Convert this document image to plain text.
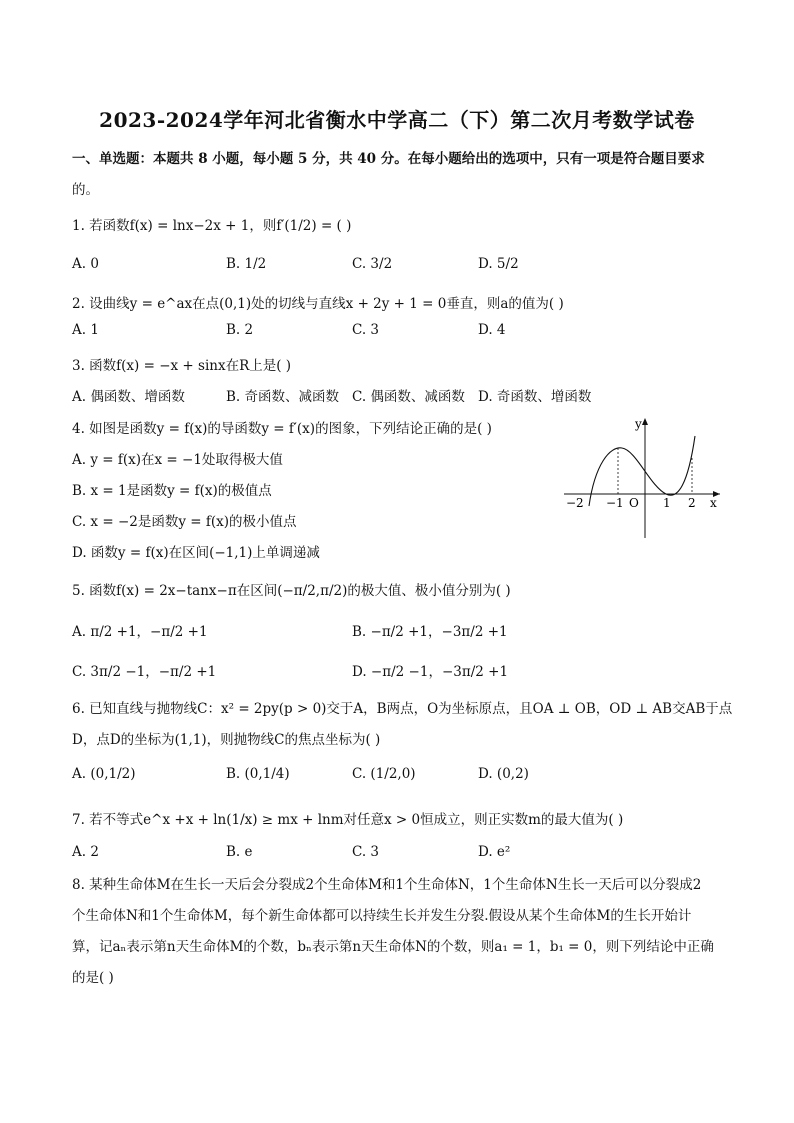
2023-2024学年河北省衡水中学高二（下）第二次月考数学试卷
一、单选题：本题共 8 小题，每小题 5 分，共 40 分。在每小题给出的选项中，只有一项是符合题目要求
的。
1. 若函数f(x) = lnx−2x + 1，则f′(1/2) = ( )
A. 0	B. 1/2	C. 3/2	D. 5/2
2. 设曲线y = e^ax在点(0,1)处的切线与直线x + 2y + 1 = 0垂直，则a的值为( )
A. 1	B. 2	C. 3	D. 4
3. 函数f(x) = −x + sinx在R上是( )
A. 偶函数、增函数	B. 奇函数、减函数 C. 偶函数、减函数 D. 奇函数、增函数
4. 如图是函数y = f(x)的导函数y = f′(x)的图象，下列结论正确的是( )
A. y = f(x)在x = −1处取得极大值
B. x = 1是函数y = f(x)的极值点
C. x = −2是函数y = f(x)的极小值点
D. 函数y = f(x)在区间(−1,1)上单调递减
y
x
O
−2 −1	1 2
5. 函数f(x) = 2x−tanx−π在区间(−π/2,π/2)的极大值、极小值分别为( )
A. π/2 +1，−π/2 +1	B. −π/2 +1，−3π/2 +1
C. 3π/2 −1，−π/2 +1	D. −π/2 −1，−3π/2 +1
6. 已知直线与抛物线C：x² = 2py(p > 0)交于A，B两点，O为坐标原点，且OA ⊥ OB，OD ⊥ AB交AB于点
D，点D的坐标为(1,1)，则抛物线C的焦点坐标为( )
A. (0,1/2)	B. (0,1/4)	C. (1/2,0)	D. (0,2)
7. 若不等式e^x +x + ln(1/x) ≥ mx + lnm对任意x > 0恒成立，则正实数m的最大值为( )
A. 2	B. e	C. 3	D. e²
8. 某种生命体M在生长一天后会分裂成2个生命体M和1个生命体N，1个生命体N生长一天后可以分裂成2
个生命体N和1个生命体M，每个新生命体都可以持续生长并发生分裂.假设从某个生命体M的生长开始计
算，记aₙ表示第n天生命体M的个数，bₙ表示第n天生命体N的个数，则a₁ = 1，b₁ = 0，则下列结论中正确
的是( )
